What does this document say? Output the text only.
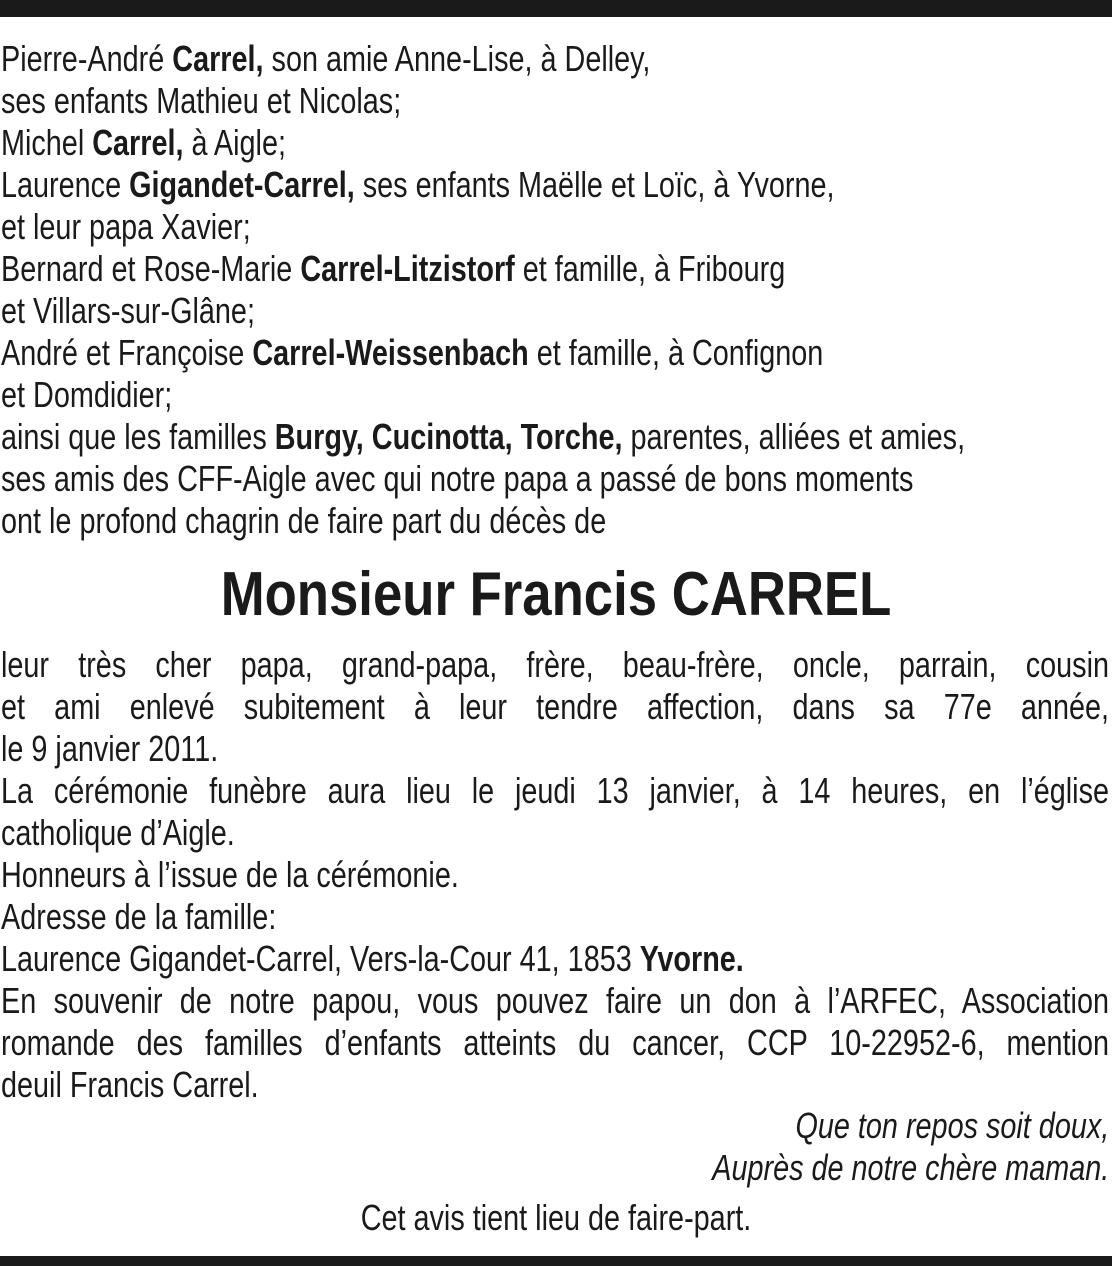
Pierre-André Carrel, son amie Anne-Lise, à Delley,
ses enfants Mathieu et Nicolas;
Michel Carrel, à Aigle;
Laurence Gigandet-Carrel, ses enfants Maëlle et Loïc, à Yvorne,
et leur papa Xavier;
Bernard et Rose-Marie Carrel-Litzistorf et famille, à Fribourg
et Villars-sur-Glâne;
André et Françoise Carrel-Weissenbach et famille, à Confignon
et Domdidier;
ainsi que les familles Burgy, Cucinotta, Torche, parentes, alliées et amies,
ses amis des CFF-Aigle avec qui notre papa a passé de bons moments
ont le profond chagrin de faire part du décès de
Monsieur Francis CARREL
leur très cher papa, grand-papa, frère, beau-frère, oncle, parrain, cousin
et ami enlevé subitement à leur tendre affection, dans sa 77e année,
le 9 janvier 2011.
La cérémonie funèbre aura lieu le jeudi 13 janvier, à 14 heures, en l’église
catholique d’Aigle.
Honneurs à l’issue de la cérémonie.
Adresse de la famille:
Laurence Gigandet-Carrel, Vers-la-Cour 41, 1853 Yvorne.
En souvenir de notre papou, vous pouvez faire un don à l’ARFEC, Association
romande des familles d’enfants atteints du cancer, CCP 10-22952-6, mention
deuil Francis Carrel.
Que ton repos soit doux,
Auprès de notre chère maman.
Cet avis tient lieu de faire-part.
